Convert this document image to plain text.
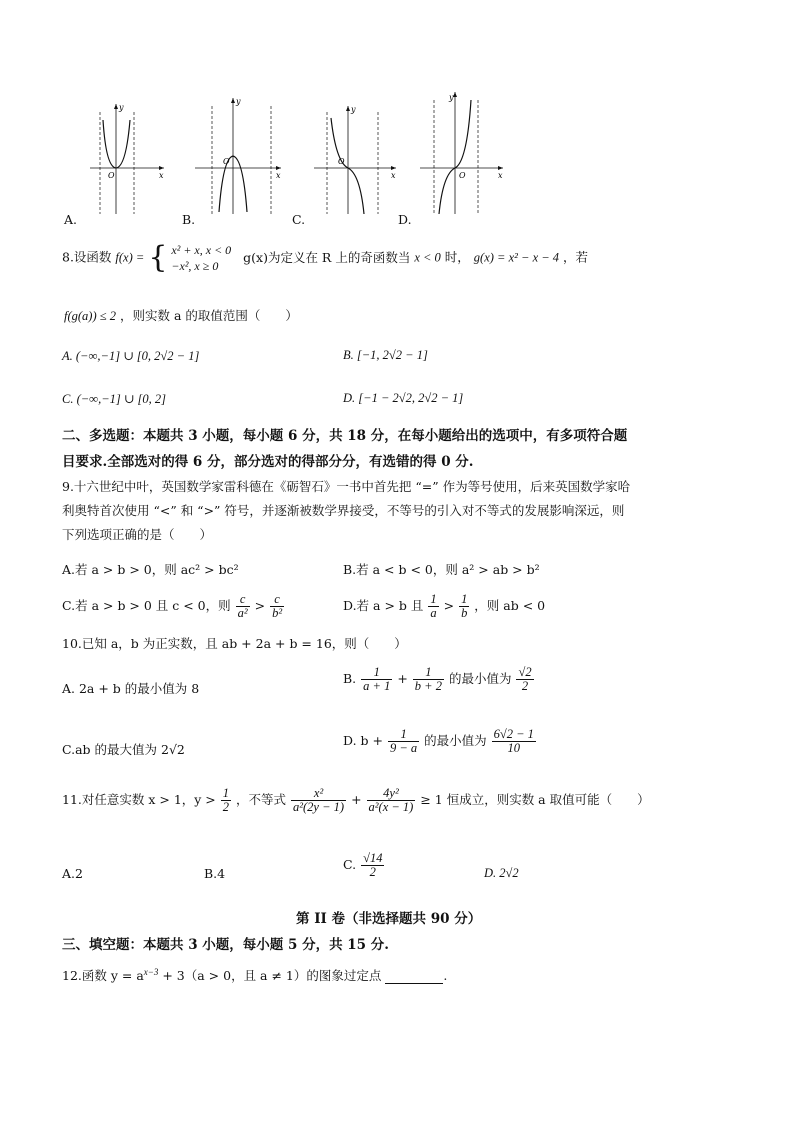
y
x
O
A.
y
x
O
B.
y
x
O
C.
y
x
O
D.
8.设函数 f(x) = { x² + x, x < 0
−x², x ≥ 0
g(x)为定义在 R 上的奇函数当 x < 0 时， g(x) = x² − x − 4 ，若
f(g(a)) ≤ 2 ，则实数 a 的取值范围（　　）
A. (−∞,−1] ∪ [0, 2√2 − 1]	B. [−1, 2√2 − 1]
C. (−∞,−1] ∪ [0, 2]	D. [−1 − 2√2, 2√2 − 1]
二、多选题：本题共 3 小题，每小题 6 分，共 18 分，在每小题给出的选项中，有多项符合题
目要求.全部选对的得 6 分，部分选对的得部分分，有选错的得 0 分.
9.十六世纪中叶，英国数学家雷科德在《砺智石》一书中首先把 “=” 作为等号使用，后来英国数学家哈
利奥特首次使用 “<” 和 “>” 符号，并逐渐被数学界接受，不等号的引入对不等式的发展影响深远，则
下列选项正确的是（　　）
A.若 a > b > 0，则 ac² > bc²	B.若 a < b < 0，则 a² > ab > b²
C.若 a > b > 0 且 c < 0，则 $\frac{c}{\text{a²}} > \frac{c}{\text{b²}}$	D.若 a > b 且 $\frac{1}{a} > \frac{1}{b}$ ，则 ab < 0
10.已知 a，b 为正实数，且 ab + 2a + b = 16，则（　　）
A. 2a + b 的最小值为 8
B. $\frac{1}{a + 1} + \frac{1}{b + 2}$ 的最小值为 $\frac{√2}{2}$
C.ab 的最大值为 2√2
D. $b + \frac{1}{9 - a}$ 的最小值为 $\frac{6√2 - 1}{10}$
11.对任意实数 x > 1，$y > \frac{1}{2}$ ，不等式 $\frac{\text{x²}}{\text{a²(2y − 1)}} + \frac{\text{4y²}}{\text{a²(x − 1)}} \ge 1$ 恒成立，则实数 a 取值可能（　　）
A.2	B.4
C. $\frac{√14}{2}$	D. 2√2
第 II 卷（非选择题共 90 分）
三、填空题：本题共 3 小题，每小题 5 分，共 15 分.
12.函数 $y = a^{x-3} + 3(a > 0$，且 a ≠ 1）的图象过定点	.
